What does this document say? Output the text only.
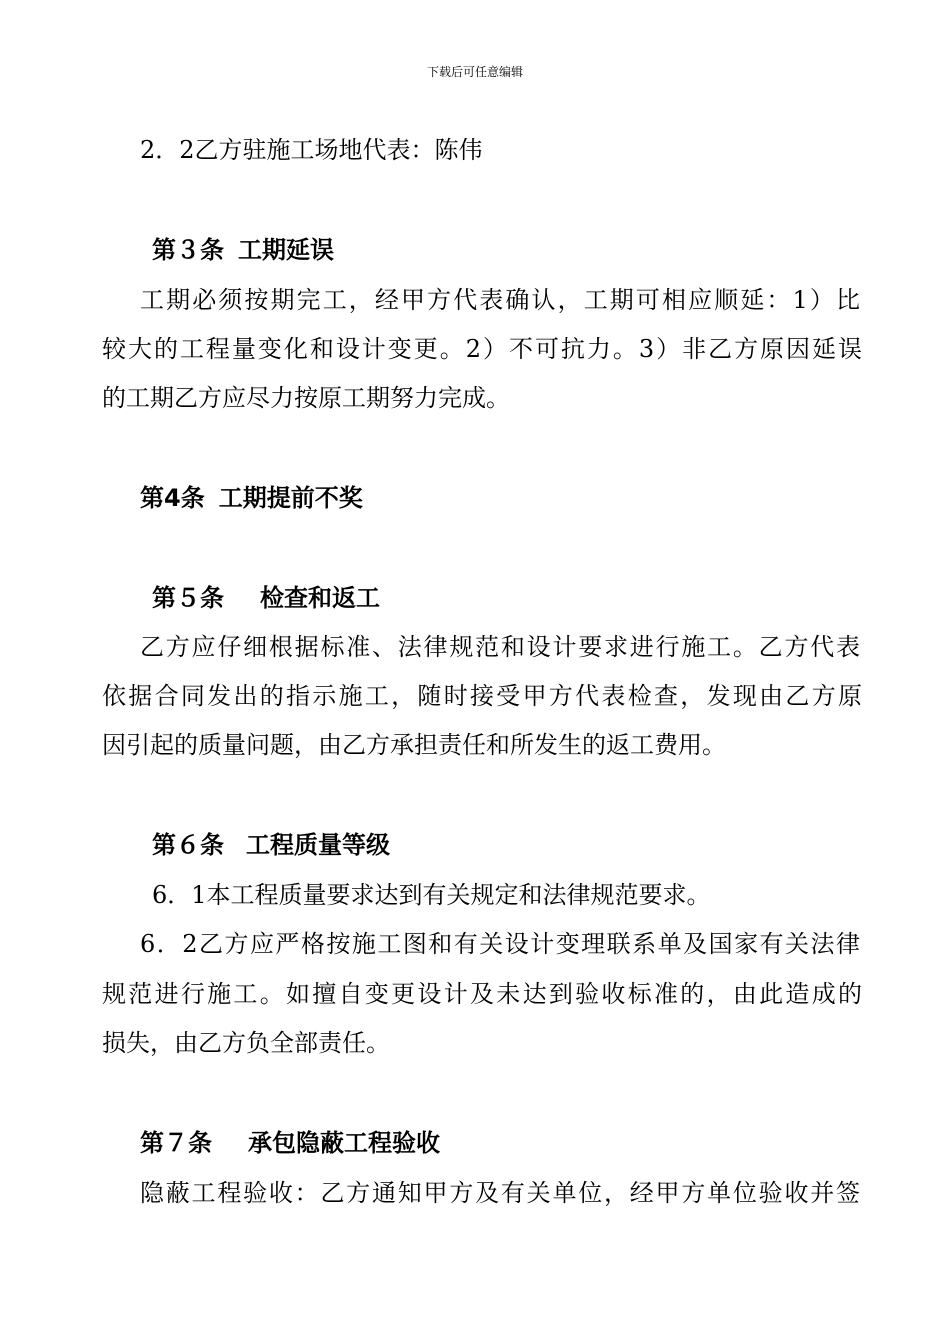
下载后可任意编辑
2．2乙方驻施工场地代表：陈伟
第３条 工期延误
工期必须按期完工，经甲方代表确认，工期可相应顺延：1）比
较大的工程量变化和设计变更。2）不可抗力。3）非乙方原因延误
的工期乙方应尽力按原工期努力完成。
第4条 工期提前不奖
第５条 检查和返工
乙方应仔细根据标准、法律规范和设计要求进行施工。乙方代表
依据合同发出的指示施工，随时接受甲方代表检查，发现由乙方原
因引起的质量问题，由乙方承担责任和所发生的返工费用。
第６条 工程质量等级
6．1本工程质量要求达到有关规定和法律规范要求。
6．2乙方应严格按施工图和有关设计变理联系单及国家有关法律
规范进行施工。如擅自变更设计及未达到验收标准的，由此造成的
损失，由乙方负全部责任。
第７条 承包隐蔽工程验收
隐蔽工程验收：乙方通知甲方及有关单位，经甲方单位验收并签
